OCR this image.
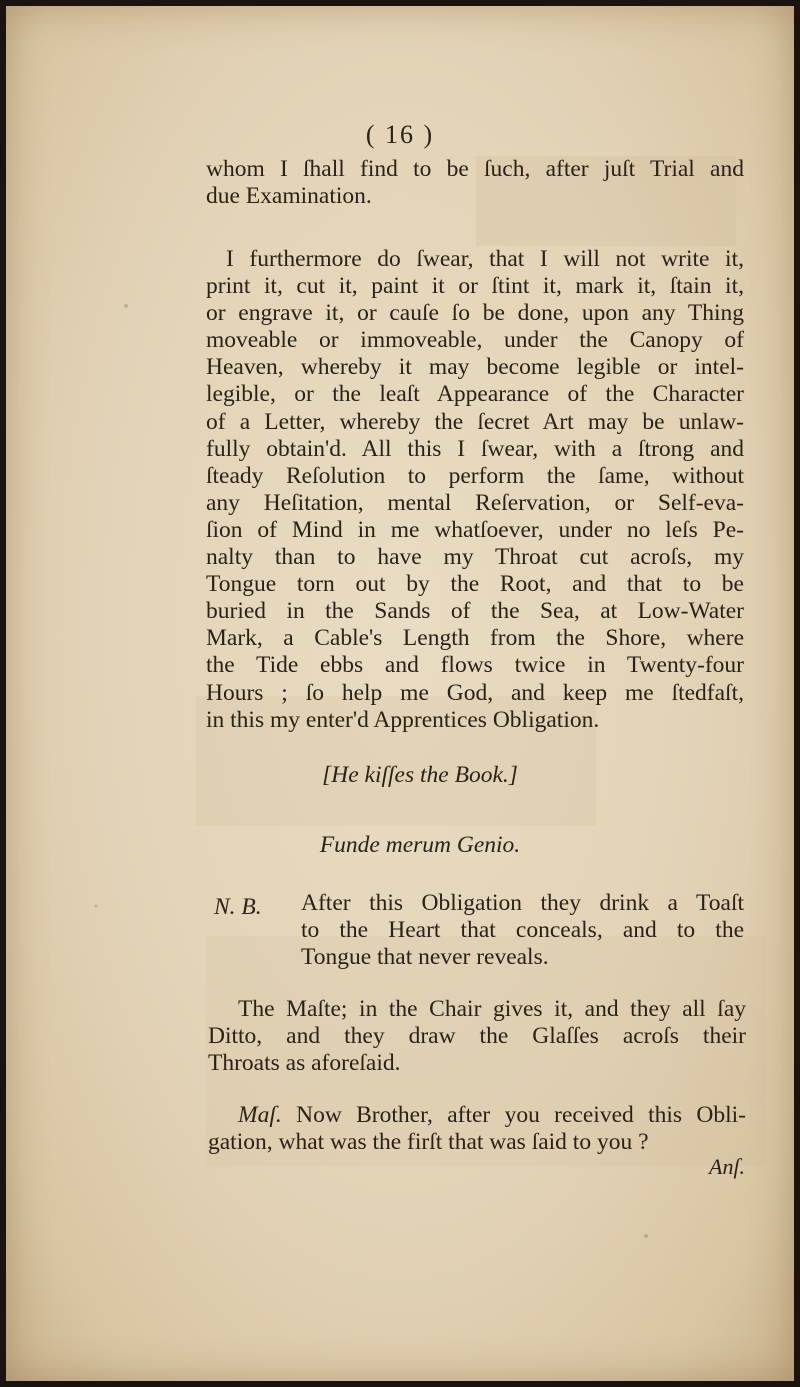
( 16 )
whom I ſhall find to be ſuch, after juſt Trial and
due Examination.
I furthermore do ſwear, that I will not write it,
print it, cut it, paint it or ſtint it, mark it, ſtain it,
or engrave it, or cauſe ſo be done, upon any Thing
moveable or immoveable, under the Canopy of
Heaven, whereby it may become legible or intel-
legible, or the leaſt Appearance of the Character
of a Letter, whereby the ſecret Art may be unlaw-
fully obtain'd. All this I ſwear, with a ſtrong and
ſteady Reſolution to perform the ſame, without
any Heſitation, mental Reſervation, or Self-eva-
ſion of Mind in me whatſoever, under no leſs Pe-
nalty than to have my Throat cut acroſs, my
Tongue torn out by the Root, and that to be
buried in the Sands of the Sea, at Low-Water
Mark, a Cable's Length from the Shore, where
the Tide ebbs and flows twice in Twenty-four
Hours ; ſo help me God, and keep me ſtedfaſt,
in this my enter'd Apprentices Obligation.
[He kiſſes the Book.]
Funde merum Genio.
N. B. After this Obligation they drink a Toaſt
to the Heart that conceals, and to the
Tongue that never reveals.
The Maſte; in the Chair gives it, and they all ſay
Ditto, and they draw the Glaſſes acroſs their
Throats as aforeſaid.
Maſ. Now Brother, after you received this Obli-
gation, what was the firſt that was ſaid to you ?
Anſ.
